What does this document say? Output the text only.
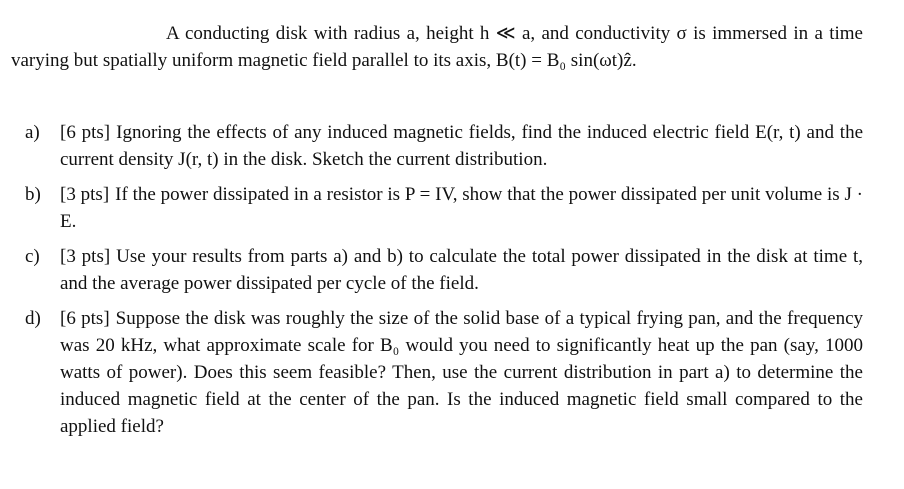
A conducting disk with radius a, height h ≪ a, and conductivity σ is immersed in a time varying but spatially uniform magnetic field parallel to its axis, B(t) = B₀ sin(ωt)ẑ.

a) [6 pts] Ignoring the effects of any induced magnetic fields, find the induced electric field E(r, t) and the current density J(r, t) in the disk. Sketch the current distribution.
b) [3 pts] If the power dissipated in a resistor is P = IV, show that the power dissipated per unit volume is J · E.
c) [3 pts] Use your results from parts a) and b) to calculate the total power dissipated in the disk at time t, and the average power dissipated per cycle of the field.
d) [6 pts] Suppose the disk was roughly the size of the solid base of a typical frying pan, and the frequency was 20 kHz, what approximate scale for B₀ would you need to significantly heat up the pan (say, 1000 watts of power). Does this seem feasible? Then, use the current distribution in part a) to determine the induced magnetic field at the center of the pan. Is the induced magnetic field small compared to the applied field?
